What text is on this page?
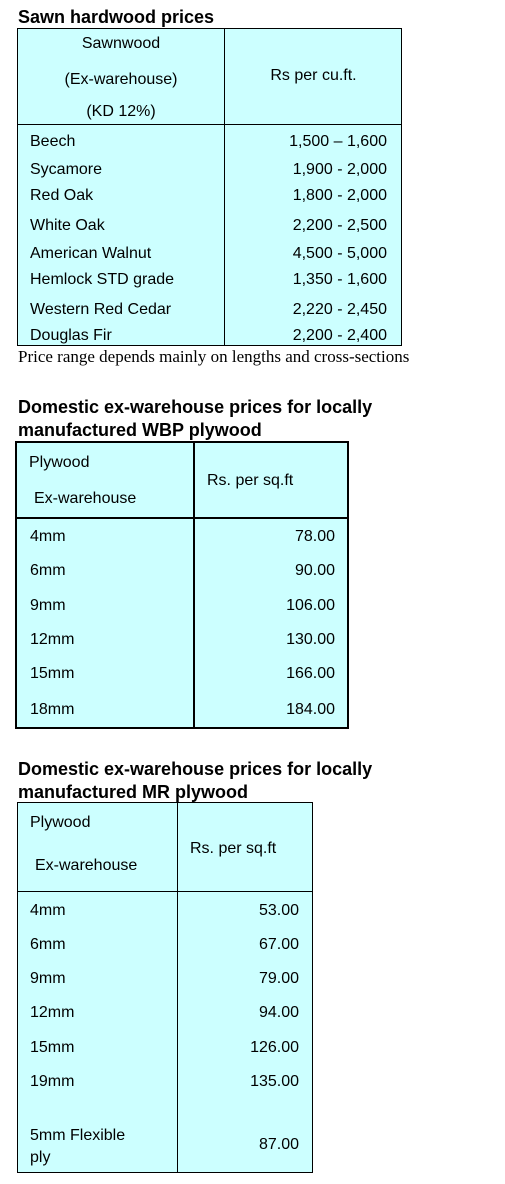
Sawn hardwood prices
Sawnwood
(Ex-warehouse)
(KD 12%)
Rs per cu.ft.
Beech	1,500 – 1,600
Sycamore	1,900 - 2,000
Red Oak	1,800 - 2,000
White Oak	2,200 - 2,500
American Walnut	4,500 - 5,000
Hemlock STD grade	1,350 - 1,600
Western Red Cedar	2,220 - 2,450
Douglas Fir	2,200 - 2,400
Price range depends mainly on lengths and cross-sections
Domestic ex-warehouse prices for locally
manufactured WBP plywood
Plywood
Ex-warehouse
Rs. per sq.ft
4mm	78.00
6mm	90.00
9mm	106.00
12mm	130.00
15mm	166.00
18mm	184.00
Domestic ex-warehouse prices for locally
manufactured MR plywood
Plywood
Ex-warehouse
Rs. per sq.ft
4mm	53.00
6mm	67.00
9mm	79.00
12mm	94.00
15mm	126.00
19mm	135.00
5mm Flexible
ply
87.00
